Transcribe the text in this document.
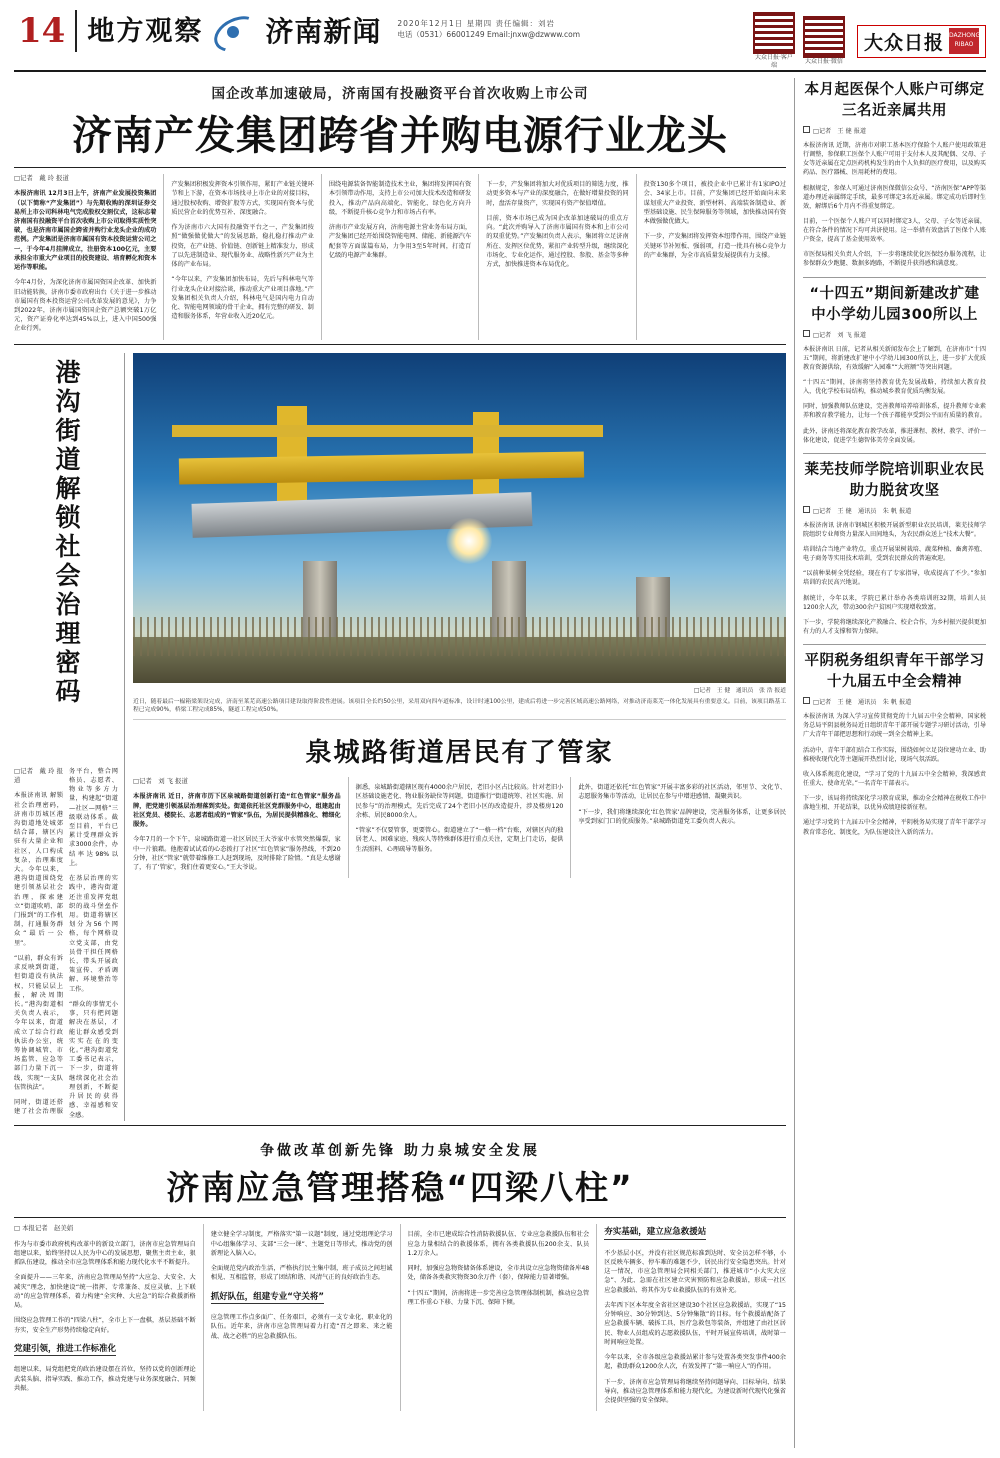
14 地方观察 济南新闻 2020年12月1日 星期四 责任编辑：刘岩
电话（0531）66001249 Email:jnxw@dzwww.com
大众日报·客户端
大众日报·微信
大众日报 DAZHONG RIBAO
国企改革加速破局，济南国有投融资平台首次收购上市公司
济南产发集团跨省并购电源行业龙头
□记者　戴 玲 报道

本报济南讯 12月3日上午，济南产业发展投资集团（以下简称“产发集团”）与先期收购的深圳证券交易所上市公司科林电气完成股权交割仪式，这标志着济南国有投融资平台首次收购上市公司取得实质性突破，也是济南市属国企跨省并购行业龙头企业的成功范例。产发集团是济南市属国有资本投资运营公司之一，于今年4月挂牌成立，注册资本100亿元，主要承担全市重大产业项目的投资建设、培育孵化和资本运作等职能。

今年4月份，为深化济南市属国资国企改革、加快新旧动能转换，济南市委市政府出台《关于进一步推动市属国有资本投资运营公司改革发展的意见》，力争到2022年，济南市属国资国企资产总额突破1万亿元，资产证券化率达到45%以上，进入中国500强企业行列。

产发集团积极发挥资本引领作用，紧盯产业链关键环节和上下游，在资本市场找寻上市企业的对接目标，通过股权收购、增资扩股等方式，实现国有资本与优质民营企业的优势互补、深度融合。

作为济南市六大国有投融资平台之一，产发集团按照“做强做优做大”的发展思路，稳扎稳打推动产业投资，在产业链、价值链、创新链上精准发力，形成了以先进制造业、现代服务业、战略性新兴产业为主体的产业布局。

“今年以来，产发集团加快布局，先后与科林电气等行业龙头企业对接洽谈，推动重大产业项目落地。”产发集团相关负责人介绍，科林电气是国内电力自动化、智能电网领域的骨干企业，拥有完整的研发、制造和服务体系，年营业收入近20亿元。

围绕电源装备智能制造技术主业，集团将发挥国有资本引领带动作用，支持上市公司加大技术改造和研发投入，推动产品向高端化、智能化、绿色化方向升级，不断提升核心竞争力和市场占有率。

济南市产业发展方向，济南电源主营业务布局方面，产发集团已经开始围绕智能电网、储能、新能源汽车配套等方面谋篇布局，力争用3至5年时间，打造百亿级的电源产业集群。

下一步，产发集团将加大对优质项目的筛选力度，推动更多资本与产业的深度融合，在做好增量投资的同时，盘活存量资产，实现国有资产保值增值。

目前，资本市场已成为国企改革加速破局的重点方向。“此次并购导入了济南市属国有资本和上市公司的双重优势。”产发集团负责人表示，集团将立足济南所在、发挥区位优势，紧扣产业转型升级，继续深化市场化、专业化运作，通过控股、参股、基金等多种方式，加快推进资本布局优化。

投资130多个项目，被投企业中已累计有1家IPO过会、34家上市。目前，产发集团已经开始面向未来谋划重大产业投资、新型材料、高端装备制造业、新型基础设施、民生保障服务等领域，加快推动国有资本做强做优做大。

下一步，产发集团将发挥资本纽带作用，围绕产业链关键环节补短板、强弱项，打造一批具有核心竞争力的产业集群，为全市高质量发展提供有力支撑。

港沟街道解锁社会治理密码
□记者　戴 玲 报道

本报济南讯 解锁社会治理密码，济南市历城区港沟街道地处城郊结合部，辖区内驻有大量企业和社区，人口构成复杂，治理难度大。今年以来，港沟街道围绕党建引领基层社会治理，探索建立“街道吹哨、部门报到”的工作机制，打通服务群众“最后一公里”。

“以前，群众有诉求反映到街道，但街道没有执法权，只能层层上报，解决周期长。”港沟街道相关负责人表示，今年以来，街道成立了综合行政执法办公室，统筹协调城管、市场监管、应急等部门力量下沉一线，实现“一支队伍管执法”。

同时，街道还搭建了社会治理服务平台，整合网格员、志愿者、物业等多方力量，构建起“街道—社区—网格”三级联动体系。截至目前，平台已累计受理群众诉求3000余件，办结率达98%以上。

在基层治理的实践中，港沟街道还注重发挥党组织的战斗堡垒作用。街道将辖区划分为56个网格，每个网格设立党支部，由党员骨干担任网格长，带头开展政策宣传、矛盾调解、环境整治等工作。

“群众的事情无小事，只有把问题解决在基层，才能让群众感受到实实在在的变化。”港沟街道党工委书记表示，下一步，街道将继续深化社会治理创新，不断提升居民的获得感、幸福感和安全感。

□记者　王 健　通讯员　张 浩 报道
近日，随着最后一榀箱梁架设完成，济南至莱芜高速公路项目建设取得阶段性进展。该项目全长约50公里，采用双向四车道标准，设计时速100公里，建成后将进一步完善区域高速公路网络，对推动济南莱芜一体化发展具有重要意义。目前，该项目路基工程已完成90%，桥梁工程完成85%，隧道工程完成50%。
泉城路街道居民有了管家
□记者　刘 飞 报道

本报济南讯 近日，济南市历下区泉城路街道创新打造“红色管家”服务品牌，把党建引领基层治理落到实处。街道依托社区党群服务中心，组建起由社区党员、楼院长、志愿者组成的“管家”队伍，为居民提供精准化、精细化服务。

今年7月的一个下午，泉城路街道一社区居民王大爷家中水管突然爆裂，家中一片狼藉。他抱着试试看的心态拨打了社区“红色管家”服务热线，不到20分钟，社区“管家”就带着维修工人赶到现场，及时排除了险情。“真是太感谢了，有了‘管家’，我们住着更安心。”王大爷说。

据悉，泉城路街道辖区现有4000余户居民，老旧小区占比较高。针对老旧小区基础设施老化、物业服务缺位等问题，街道推行“街道统筹、社区实施、居民参与”的治理模式，先后完成了24个老旧小区的改造提升，涉及楼房120余栋、居民8000余人。

“管家”不仅要管事，更要管心。街道建立了“一格一档”台账，对辖区内的独居老人、困难家庭、残疾人等特殊群体进行重点关注，定期上门走访，提供生活照料、心理疏导等服务。

此外，街道还依托“红色管家”开展丰富多彩的社区活动，邻里节、文化节、志愿服务集市等活动，让居民在参与中增进感情、凝聚共识。

“下一步，我们将继续深化‘红色管家’品牌建设，完善服务体系，让更多居民享受到家门口的优质服务。”泉城路街道党工委负责人表示。

争做改革创新先锋 助力泉城安全发展
济南应急管理搭稳“四梁八柱”
□ 本报记者　赵美娟

作为与市委市政府机构改革中的新设立部门，济南市应急管理局自组建以来，始终坚持以人民为中心的发展思想，聚焦主责主业，狠抓队伍建设，推动全市应急管理体系和能力现代化水平不断提升。

全面提升——三年来，济南应急管理局坚持“大应急、大安全、大减灾”理念，加快建设“统一指挥、专常兼备、反应灵敏、上下联动”的应急管理体系，着力构建“全灾种、大应急”的综合救援新格局。

围绕应急管理工作的“四梁八柱”，全市上下一盘棋，基层基础不断夯实，安全生产形势持续稳定向好。

党建引领，推进工作标准化

组建以来，局党组把党的政治建设摆在首位，坚持以党的创新理论武装头脑、指导实践、推动工作，推动党建与业务深度融合、同频共振。

建立健全学习制度，严格落实“第一议题”制度，通过党组理论学习中心组集体学习、支部“三会一课”、主题党日等形式，推动党的创新理论入脑入心。

全面规范党内政治生活，严格执行民主集中制，班子成员之间坦诚相见、互相监督，形成了团结和谐、风清气正的良好政治生态。

抓好队伍，组建专业“守关将”

应急管理工作点多面广、任务艰巨，必须有一支专业化、职业化的队伍。近年来，济南市应急管理局着力打造“召之即来、来之能战、战之必胜”的应急救援队伍。

目前，全市已建成综合性消防救援队伍、专业应急救援队伍和社会应急力量相结合的救援体系，拥有各类救援队伍200余支、队员1.2万余人。

同时，加强应急物资储备体系建设，全市共设立应急物资储备库48处，储备各类救灾物资30余万件（套），保障能力显著增强。

“十四五”期间，济南将进一步完善应急管理体制机制，推动应急管理工作重心下移、力量下沉、保障下倾。

夯实基础，建立应急救援站

不少基层小区，并没有社区规范标准到达时、安全员怎样不够，小区反映车辆多、停车难的难题不少，居民出行安全隐患突出。针对这一情况，市应急管理局会同相关部门，推进城市“小大灾大应急”、为此、急需在社区建立灾害预防和应急救援站，形成一社区应急救援站、将其作为专业救援队伍的有效补充。

去年西下区本年度全省社区建设30个社区应急救援站，实现了“15分钟响应、30分钟到达、5分钟集散”的目标。每个救援站配备了应急救援车辆、破拆工具、医疗急救包等装备，并组建了由社区居民、物业人员组成的志愿救援队伍，平时开展宣传培训，战时第一时间响应处置。

今年以来，全市各级应急救援站累计参与处置各类突发事件400余起，救助群众1200余人次，有效发挥了“第一响应人”的作用。

下一步，济南市应急管理局将继续坚持问题导向、目标导向、结果导向，推动应急管理体系和能力现代化，为建设新时代现代化强省会提供坚强的安全保障。

本月起医保个人账户可绑定三名近亲属共用
□记者　王 健 报道

本报济南讯 近期，济南市对职工基本医疗保险个人账户使用政策进行调整，参保职工医保个人账户可用于支付本人及其配偶、父母、子女等近亲属在定点医药机构发生的由个人负担的医疗费用，以及购买药品、医疗器械、医用耗材的费用。

根据规定，参保人可通过济南医保微信公众号、“济南医保”APP等渠道办理近亲属绑定手续，最多可绑定3名近亲属。绑定成功后即时生效，解绑后6个月内不得重复绑定。

目前，一个医保个人账户可以同时绑定3人，父母、子女等近亲属，在符合条件的情况下均可共济使用。这一举措有效盘活了医保个人账户资金，提高了基金使用效率。

市医保局相关负责人介绍，下一步将继续优化医保经办服务流程，让参保群众少跑腿、数据多跑路，不断提升获得感和满意度。

“十四五”期间新建改扩建中小学幼儿园300所以上
□记者　刘 飞 报道

本报济南讯 日前，记者从相关新闻发布会上了解到，在济南市“十四五”期间，将新建改扩建中小学幼儿园300所以上，进一步扩大优质教育资源供给，有效缓解“入园难”“大班额”等突出问题。

“十四五”期间，济南将坚持教育优先发展战略，持续加大教育投入，优化学校布局结构，推动城乡教育优质均衡发展。

同时，加强教师队伍建设，完善教师培养培训体系，提升教师专业素养和教育教学能力，让每一个孩子都能享受到公平而有质量的教育。

此外，济南还将深化教育教学改革，推进课程、教材、教学、评价一体化建设，促进学生德智体美劳全面发展。

莱芜技师学院培训职业农民助力脱贫攻坚
□记者　王 健　通讯员　朱 帆 报道

本报济南讯 济南市钢城区积极开展新型职业农民培训，莱芜技师学院组织专业师资力量深入田间地头，为农民群众送上“技术大餐”。

培训结合当地产业特点，重点开展果树栽培、蔬菜种植、畜禽养殖、电子商务等实用技术培训，受到农民群众的普遍欢迎。

“以前种果树全凭经验，现在有了专家指导，收成提高了不少。”参加培训的农民高兴地说。

据统计，今年以来，学院已累计举办各类培训班32期，培训人员1200余人次，带动300余户贫困户实现增收致富。

下一步，学院将继续深化产教融合、校企合作，为乡村振兴提供更加有力的人才支撑和智力保障。

平阴税务组织青年干部学习十九届五中全会精神
□记者　王 健　通讯员　朱 帆 报道

本报济南讯 为深入学习宣传贯彻党的十九届五中全会精神，国家税务总局平阴县税务局近日组织青年干部开展专题学习研讨活动，引导广大青年干部把思想和行动统一到全会精神上来。

活动中，青年干部们结合工作实际，围绕如何立足岗位建功立业、助推税收现代化等主题展开热烈讨论，现场气氛活跃。

收入体系规范化建设，“学习了党的十九届五中全会精神，我深感责任重大、使命光荣。”一名青年干部表示。

下一步，该局将持续深化学习教育成果，推动全会精神在税收工作中落地生根、开花结果，以优异成绩迎接新征程。

通过学习党的十九届五中全会精神，平阴税务局实现了青年干部学习教育常态化、制度化，为队伍建设注入新的活力。
